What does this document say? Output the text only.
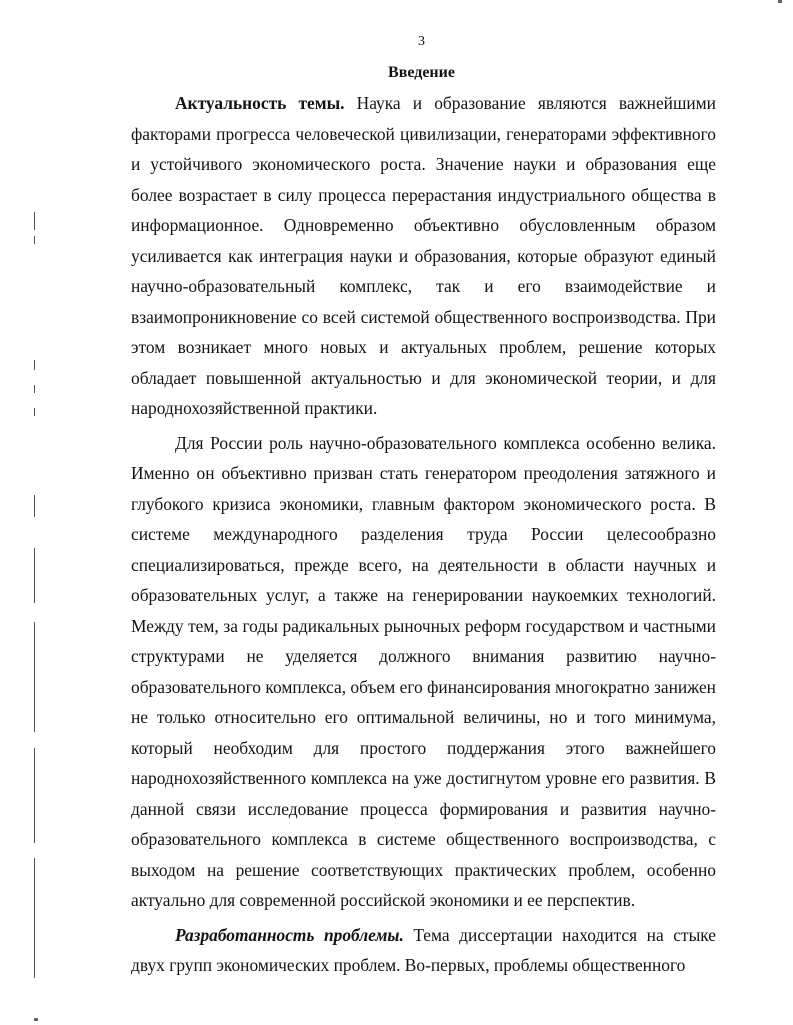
3
Введение

Актуальность темы. Наука и образование являются важнейшими факторами прогресса человеческой цивилизации, генераторами эффективного и устойчивого экономического роста. Значение науки и образования еще более возрастает в силу процесса перерастания индустриального общества в информационное. Одновременно объективно обусловленным образом усиливается как интеграция науки и образования, которые образуют единый научно-образовательный комплекс, так и его взаимодействие и взаимопроникновение со всей системой общественного воспроизводства. При этом возникает много новых и актуальных проблем, решение которых обладает повышенной актуальностью и для экономической теории, и для народнохозяйственной практики.

Для России роль научно-образовательного комплекса особенно велика. Именно он объективно призван стать генератором преодоления затяжного и глубокого кризиса экономики, главным фактором экономического роста. В системе международного разделения труда России целесообразно специализироваться, прежде всего, на деятельности в области научных и образовательных услуг, а также на генерировании наукоемких технологий. Между тем, за годы радикальных рыночных реформ государством и частными структурами не уделяется должного внимания развитию научно-образовательного комплекса, объем его финансирования многократно занижен не только относительно его оптимальной величины, но и того минимума, который необходим для простого поддержания этого важнейшего народнохозяйственного комплекса на уже достигнутом уровне его развития. В данной связи исследование процесса формирования и развития научно-образовательного комплекса в системе общественного воспроизводства, с выходом на решение соответствующих практических проблем, особенно актуально для современной российской экономики и ее перспектив.

Разработанность проблемы. Тема диссертации находится на стыке двух групп экономических проблем. Во-первых, проблемы общественного
